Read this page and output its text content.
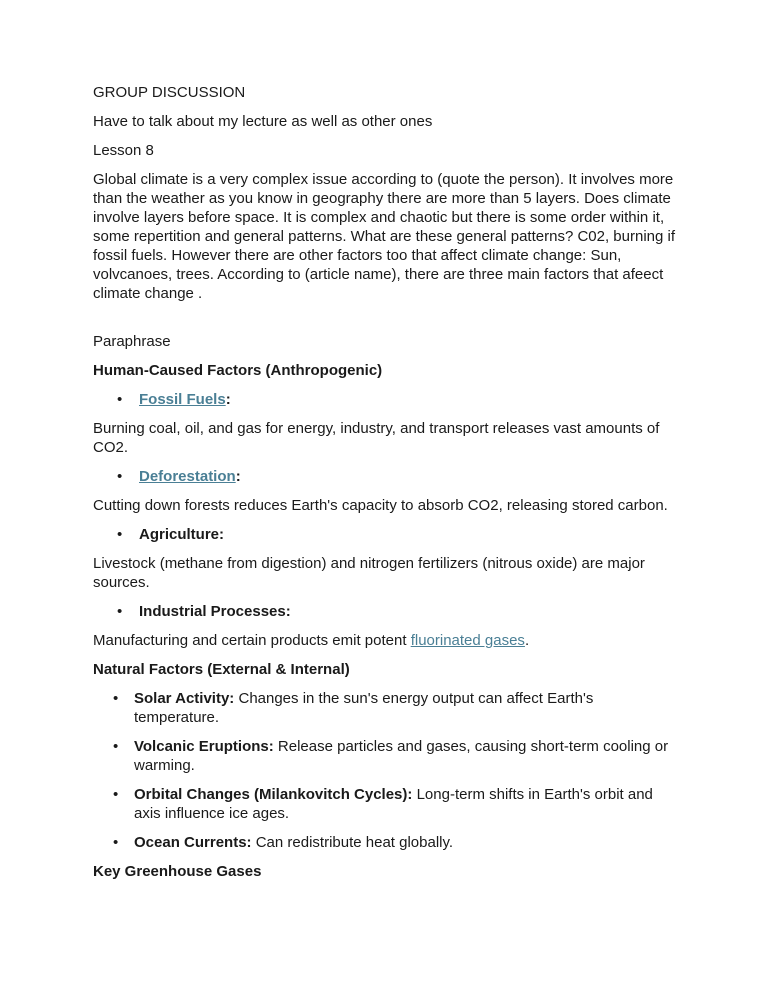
GROUP DISCUSSION

Have to talk about my lecture as well as other ones

Lesson 8

Global climate is a very complex issue according to (quote the person). It involves more than the weather as you know in geography there are more than 5 layers. Does climate involve layers before space. It is complex and chaotic but there is some order within it, some repertition and general patterns. What are these general patterns? C02, burning if fossil fuels. However there are other factors too that affect climate change: Sun, volvcanoes, trees. According to (article name), there are three main factors that afeect climate change .

Paraphrase

Human-Caused Factors (Anthropogenic)

• Fossil Fuels:

Burning coal, oil, and gas for energy, industry, and transport releases vast amounts of CO2.

• Deforestation:

Cutting down forests reduces Earth's capacity to absorb CO2, releasing stored carbon.

• Agriculture:

Livestock (methane from digestion) and nitrogen fertilizers (nitrous oxide) are major sources.

• Industrial Processes:

Manufacturing and certain products emit potent fluorinated gases.

Natural Factors (External & Internal)

• Solar Activity: Changes in the sun's energy output can affect Earth's temperature.
• Volcanic Eruptions: Release particles and gases, causing short-term cooling or warming.
• Orbital Changes (Milankovitch Cycles): Long-term shifts in Earth's orbit and axis influence ice ages.
• Ocean Currents: Can redistribute heat globally.

Key Greenhouse Gases
